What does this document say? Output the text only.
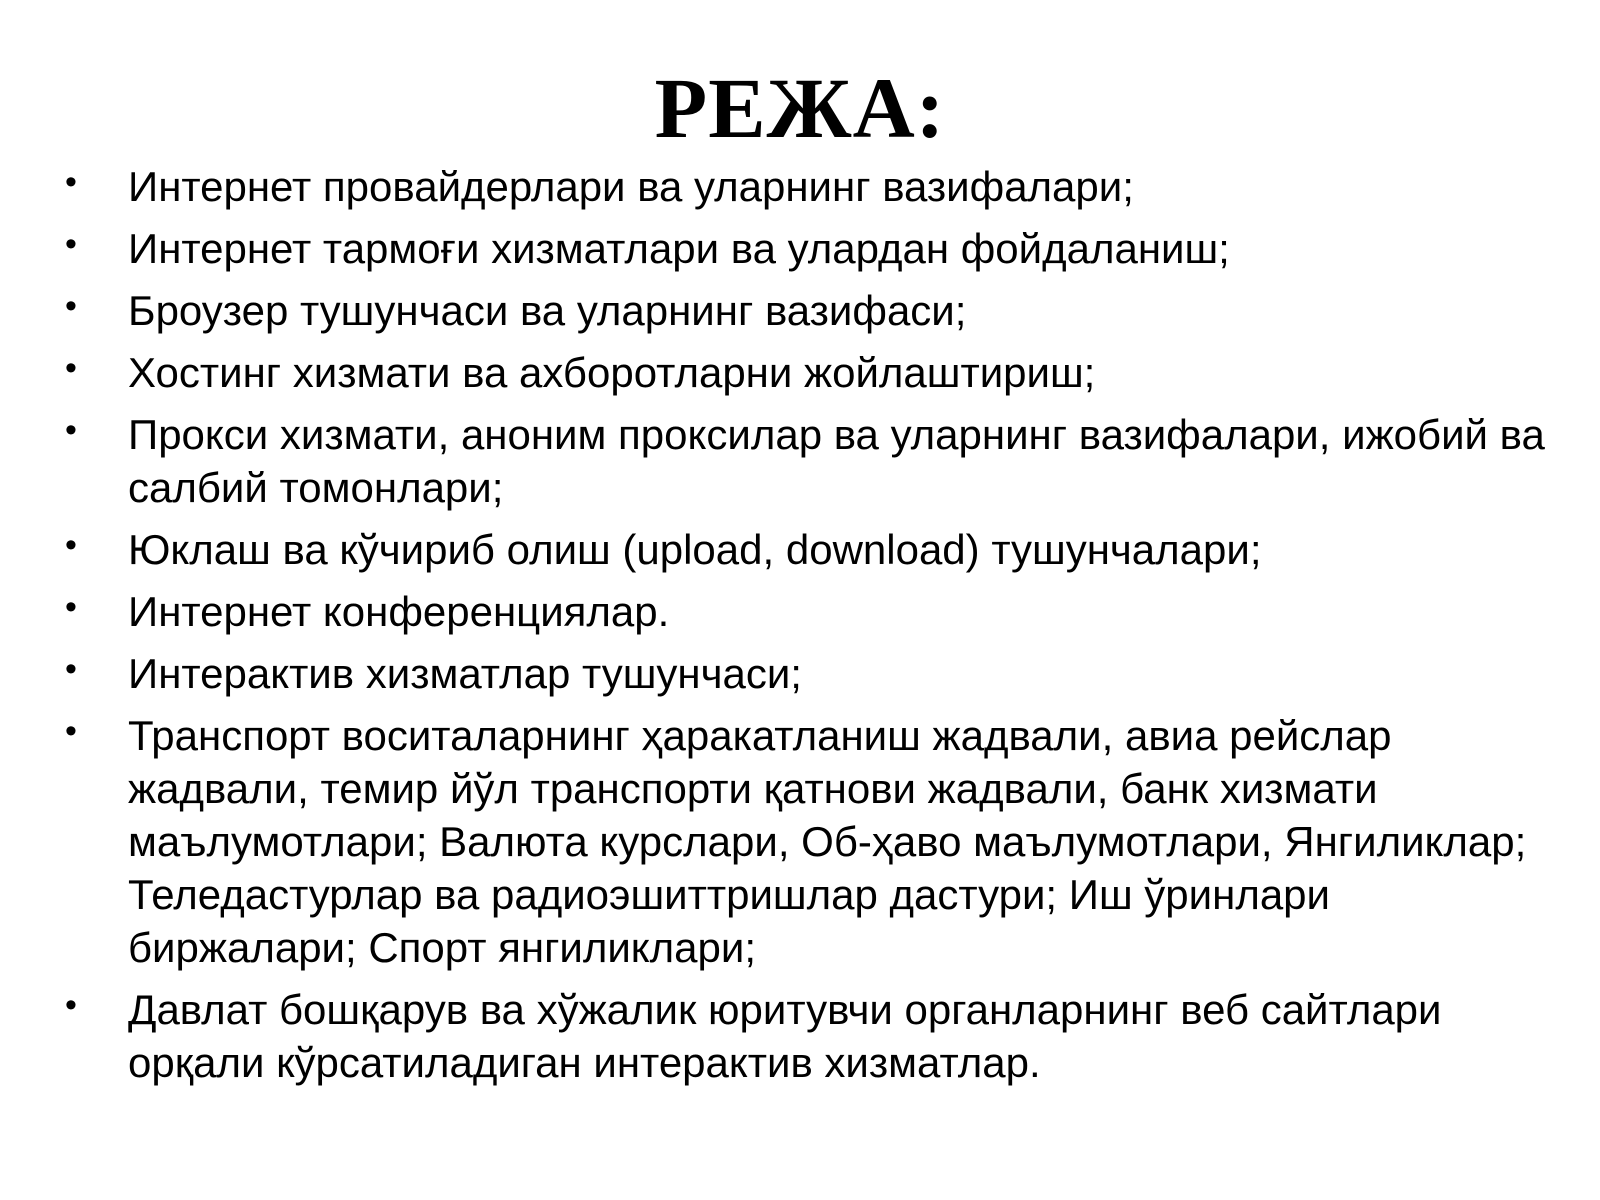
РЕЖА:
• Интернет провайдерлари ва уларнинг вазифалари;
• Интернет тармоғи хизматлари ва улардан фойдаланиш;
• Броузер тушунчаси ва уларнинг вазифаси;
• Хостинг хизмати ва ахборотларни жойлаштириш;
• Прокси хизмати, аноним проксилар ва уларнинг вазифалари, ижобий ва салбий томонлари;
• Юклаш ва кўчириб олиш (upload, download) тушунчалари;
• Интернет конференциялар.
• Интерактив хизматлар тушунчаси;
• Транспорт воситаларнинг ҳаракатланиш жадвали, авиа рейслар жадвали, темир йўл транспорти қатнови жадвали, банк хизмати маълумотлари; Валюта курслари, Об-ҳаво маълумотлари, Янгиликлар; Теледастурлар ва радиоэшиттришлар дастури; Иш ўринлари биржалари; Спорт янгиликлари;
• Давлат бошқарув ва хўжалик юритувчи органларнинг веб сайтлари орқали кўрсатиладиган интерактив хизматлар.
